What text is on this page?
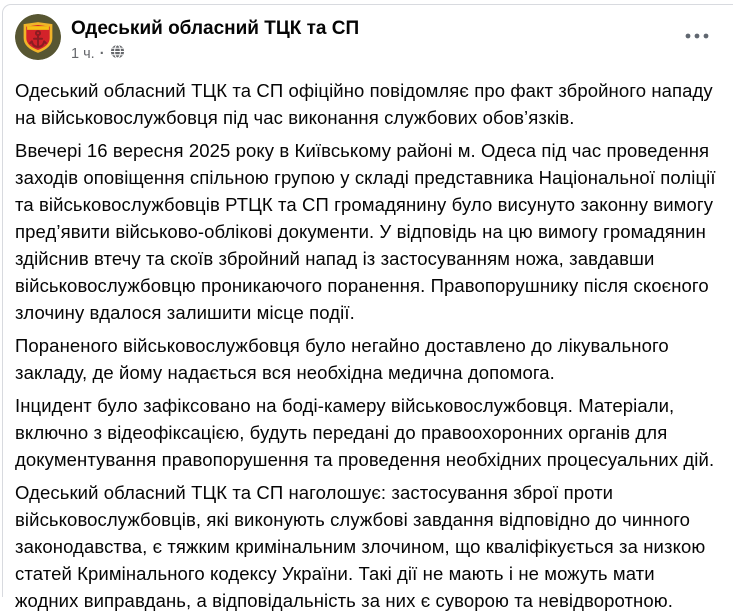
Одеський обласний ТЦК та СП
1 ч. ·

Одеський обласний ТЦК та СП офіційно повідомляє про факт збройного нападу на військовослужбовця під час виконання службових обов’язків.

Ввечері 16 вересня 2025 року в Київському районі м. Одеса під час проведення заходів оповіщення спільною групою у складі представника Національної поліції та військовослужбовців РТЦК та СП громадянину було висунуто законну вимогу пред’явити військово-облікові документи. У відповідь на цю вимогу громадянин здійснив втечу та скоїв збройний напад із застосуванням ножа, завдавши військовослужбовцю проникаючого поранення. Правопорушнику після скоєного злочину вдалося залишити місце події.

Пораненого військовослужбовця було негайно доставлено до лікувального закладу, де йому надається вся необхідна медична допомога.

Інцидент було зафіксовано на боді-камеру військовослужбовця. Матеріали, включно з відеофіксацією, будуть передані до правоохоронних органів для документування правопорушення та проведення необхідних процесуальних дій.

Одеський обласний ТЦК та СП наголошує: застосування зброї проти військовослужбовців, які виконують службові завдання відповідно до чинного законодавства, є тяжким кримінальним злочином, що кваліфікується за низкою статей Кримінального кодексу України. Такі дії не мають і не можуть мати жодних виправдань, а відповідальність за них є суворою та невідворотною.
